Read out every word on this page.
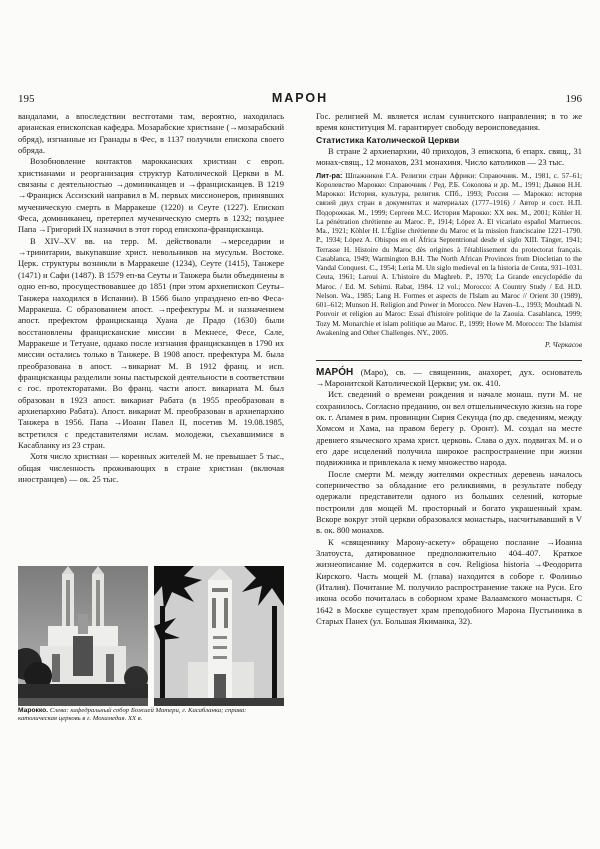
195	МАРОН	196

вандалами, а впоследствии вестготами там, вероятно, находилась арианская епископская кафедра. Мозарабские христиане (→мозарабский обряд), изгнанные из Гранады в Фес, в 1137 получили епископа своего обряда.

Возобновление контактов марокканских христиан с европ. христианами и реорганизация структур Католической Церкви в М. связаны с деятельностью →доминиканцев и →францисканцев. В 1219 →Франциск Ассизский направил в М. первых миссионеров, принявших мученическую смерть в Марракеше (1220) и Сеуте (1227). Епископ Феса, доминиканец, претерпел мученическую смерть в 1232; позднее Папа →Григорий IX назначил в этот город епископа-францисканца.

В XIV–XV вв. на терр. М. действовали →мерседарии и →тринитарии, выкупавшие христ. невольников на мусульм. Востоке. Церк. структуры возникли в Марракеше (1234), Сеуте (1415), Танжере (1471) и Сафи (1487). В 1579 еп-ва Сеуты и Танжера были объединены в одно еп-во, просуществовавшее до 1851 (при этом архиепископ Сеуты–Танжера находился в Испании). В 1566 было упразднено еп-во Феса-Марракеша. С образованием апост. →префектуры М. и назначением апост. префектом францисканца Хуана де Прадо (1630) были восстановлены францисканские миссии в Мекнесе, Фесе, Сале, Марракеше и Тетуане, однако после изгнания францисканцев в 1790 их миссии остались только в Танжере. В 1908 апост. префектура М. была преобразована в апост. →викариат М. В 1912 франц. и исп. францисканцы разделили зоны пастырской деятельности в соответствии с гос. протекторатами. Во франц. части апост. викариата М. был образован в 1923 апост. викариат Рабата (в 1955 преобразован в архиепархию Рабата). Апост. викариат М. преобразован в архиепархию Танжера в 1956. Папа →Иоанн Павел II, посетив М. 19.08.1985, встретился с представителями ислам. молодежи, съехавшимися в Касабланку из 23 стран.

Хотя число христиан — коренных жителей М. не превышает 5 тыс., общая численность проживающих в стране христиан (включая иностранцев) — ок. 25 тыс.

Марокко. Слева: кафедральный собор Божией Матери, г. Касабланка; справа: католическая церковь в г. Мохамедия. XX в.

Гос. религией М. является ислам суннитского направления; в то же время конституция М. гарантирует свободу вероисповедания.

Статистика Католической Церкви

В стране 2 архиепархии, 40 приходов, 3 епископа, 6 епарх. свящ., 31 монах-свящ., 12 монахов, 231 монахиня. Число католиков — 23 тыс.

Лит-ра: Шпажников Г.А. Религии стран Африки: Справочник. М., 1981, с. 57–61; Королевство Марокко: Справочник / Ред. Р.Б. Соколова и др. М., 1991; Дьяков Н.Н. Марокко: История, культура, религия. СПб., 1993; Россия — Марокко: история связей двух стран в документах и материалах (1777–1916) / Автор и сост. Н.П. Подорожкая. М., 1999; Сергеев М.С. История Марокко: XX век. М., 2001; Köhler H. La pénétration chrétienne au Maroc. P., 1914; López A. El vicariato español Marruecos. Ma., 1921; Köhler H. L'Église chrétienne du Maroc et la mission franciscaine 1221–1790. P., 1934; López A. Obispos en el África Septentrional desde el siglo XIII. Tánger, 1941; Terrasse H. Histoire du Maroc dès origines à l'établissement du protectorat français. Casablanca, 1949; Warmington B.H. The North African Provinces from Diocletian to the Vandal Conquest. C., 1954; Leria M. Un siglo medieval en la historia de Ceuta, 931–1031. Ceuta, 1961; Laroui A. L'histoire du Maghreb. P., 1970; La Grande encyclopédie du Maroc. / Ed. M. Sehimi. Rabat, 1984. 12 vol.; Morocco: A Country Study / Ed. H.D. Nelson. Wa., 1985; Lang H. Formes et aspects de l'Islam au Maroc // Orient 30 (1989), 601–612; Munson H. Religion and Power in Morocco. New Haven–L., 1993; Mouhtadi N. Pouvoir et religion au Maroc: Essai d'histoire politique de la Zaouia. Casablanca, 1999; Tozy M. Monarchie et islam politique au Maroc. P., 1999; Howe M. Morocco: The Islamist Awakening and Other Challenges. NY., 2005.

Р. Черкасов

МАРÓН (Маро), св. — священник, анахорет, дух. основатель →Маронитской Католической Церкви; ум. ок. 410.

Ист. сведений о времени рождения и начале монаш. пути М. не сохранилось. Согласно преданию, он вел отшельническую жизнь на горе ок. г. Апамея в рим. провинции Сирия Секунда (по др. сведениям, между Хомсом и Хама, на правом берегу р. Оронт). М. создал на месте древнего языческого храма христ. церковь. Слава о дух. подвигах М. и о его даре исцелений получила широкое распространение при жизни подвижника и привлекала к нему множество народа.

После смерти М. между жителями окрестных деревень началось соперничество за обладание его реликвиями, в результате победу одержали представители одного из больших селений, которые построили для мощей М. просторный и богато украшенный храм. Вскоре вокруг этой церкви образовался монастырь, насчитывавший в V в. ок. 800 монахов.

К «священнику Марону-аскету» обращено послание →Иоанна Златоуста, датированное предположительно 404–407. Краткое жизнеописание М. содержится в соч. Religiosa historia →Феодорита Кирского. Часть мощей М. (глава) находится в соборе г. Фолиньо (Италия). Почитание М. получило распространение также на Руси. Его икона особо почиталась в соборном храме Валаамского монастыря. С 1642 в Москве существует храм преподобного Марона Пустынника в Старых Панех (ул. Большая Якиманка, 32).
